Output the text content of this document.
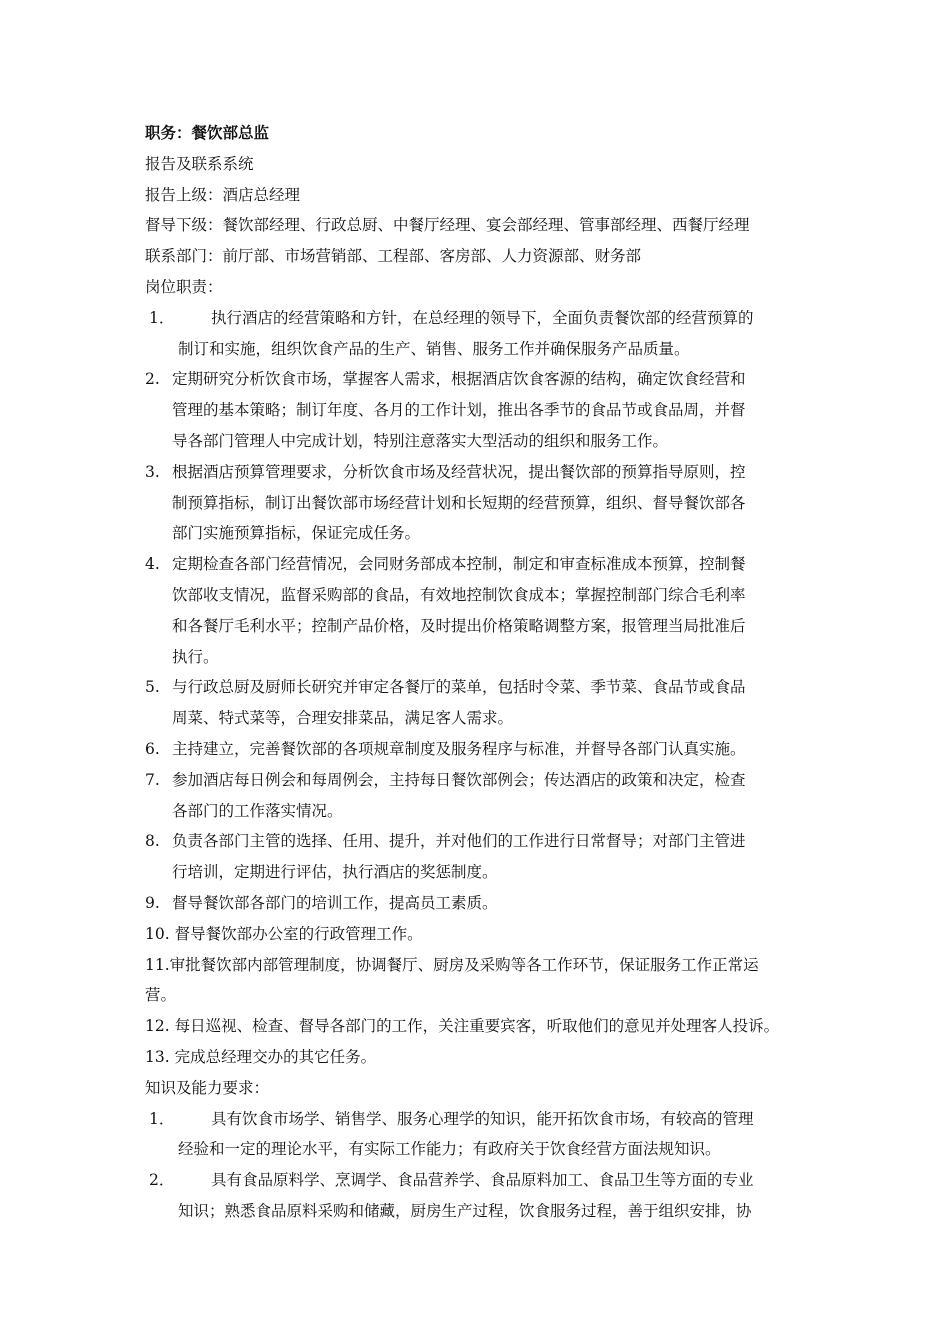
职务：餐饮部总监
报告及联系系统
报告上级：酒店总经理
督导下级：餐饮部经理、行政总厨、中餐厅经理、宴会部经理、管事部经理、西餐厅经理
联系部门：前厅部、市场营销部、工程部、客房部、人力资源部、财务部
岗位职责：
1． 执行酒店的经营策略和方针，在总经理的领导下，全面负责餐饮部的经营预算的
制订和实施，组织饮食产品的生产、销售、服务工作并确保服务产品质量。
2. 定期研究分析饮食市场，掌握客人需求，根据酒店饮食客源的结构，确定饮食经营和
管理的基本策略；制订年度、各月的工作计划，推出各季节的食品节或食品周，并督
导各部门管理人中完成计划，特别注意落实大型活动的组织和服务工作。
3. 根据酒店预算管理要求，分析饮食市场及经营状况，提出餐饮部的预算指导原则，控
制预算指标，制订出餐饮部市场经营计划和长短期的经营预算，组织、督导餐饮部各
部门实施预算指标，保证完成任务。
4. 定期检查各部门经营情况，会同财务部成本控制，制定和审查标准成本预算，控制餐
饮部收支情况，监督采购部的食品，有效地控制饮食成本；掌握控制部门综合毛利率
和各餐厅毛利水平；控制产品价格，及时提出价格策略调整方案，报管理当局批准后
执行。
5. 与行政总厨及厨师长研究并审定各餐厅的菜单，包括时令菜、季节菜、食品节或食品
周菜、特式菜等，合理安排菜品，满足客人需求。
6. 主持建立，完善餐饮部的各项规章制度及服务程序与标准，并督导各部门认真实施。
7. 参加酒店每日例会和每周例会，主持每日餐饮部例会；传达酒店的政策和决定，检查
各部门的工作落实情况。
8. 负责各部门主管的选择、任用、提升，并对他们的工作进行日常督导；对部门主管进
行培训，定期进行评估，执行酒店的奖惩制度。
9. 督导餐饮部各部门的培训工作，提高员工素质。
10. 督导餐饮部办公室的行政管理工作。
11.审批餐饮部内部管理制度，协调餐厅、厨房及采购等各工作环节，保证服务工作正常运
营。
12. 每日巡视、检查、督导各部门的工作，关注重要宾客，听取他们的意见并处理客人投诉。
13. 完成总经理交办的其它任务。
知识及能力要求：
1． 具有饮食市场学、销售学、服务心理学的知识，能开拓饮食市场，有较高的管理
经验和一定的理论水平，有实际工作能力；有政府关于饮食经营方面法规知识。
2． 具有食品原料学、烹调学、食品营养学、食品原料加工、食品卫生等方面的专业
知识；熟悉食品原料采购和储藏，厨房生产过程，饮食服务过程，善于组织安排，协
